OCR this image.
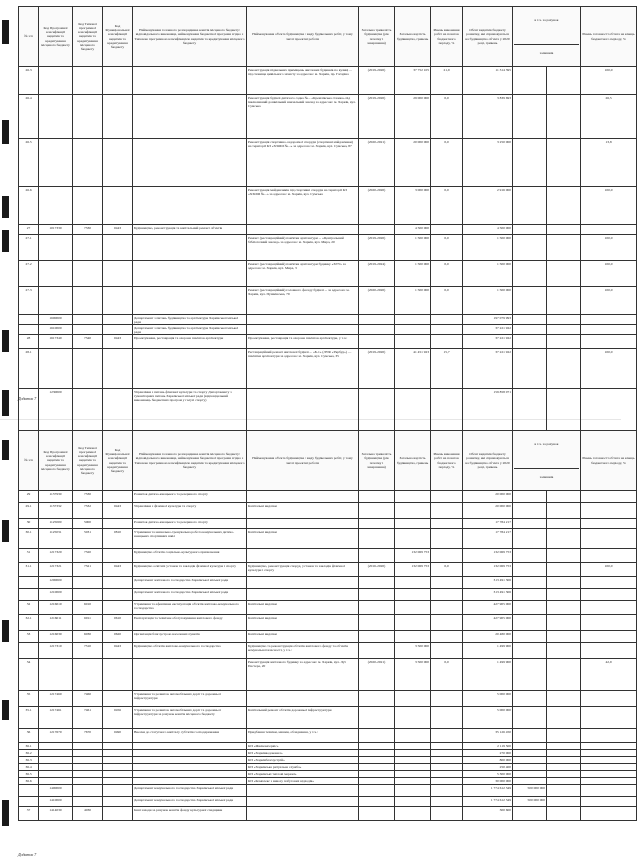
№ з/п	Код Програмної класифікації видатків та кредитування місцевого бюджету	Код Типової програмної класифікації видатків та кредитування місцевого бюджету	Код Функціональної класифікації видатків та кредитування бюджету	Найменування головного розпорядника коштів місцевого бюджету/ відповідального виконавця, найменування бюджетної програми згідно з Типовою програмною класифікацією видатків та кредитування місцевого бюджету	Найменування об'єкта будівництва / виду будівельних робіт, у тому числі проектні роботи	Загальна тривалість будівництва (рік початку і завершення)	Загальна вартість будівництва, гривень	Рівень виконання робіт на початок бюджетного періоду, %	Обсяг видатків бюджету розвитку, які спрямовуються на будівництво об'єкта у 2020 році, гривень	в т.ч. за рахунок
залишків		Рівень готовності об'єкта на кінець бюджетного періоду, %
26.3					Реконструкція підвальних приміщень житлових будинків по вулиці ... під сховище цивільного захисту за адресою: м. Харків, пр. Гагаріна	(2019-2020)	37 752 105	21,9	11 314 395			100,0
26.4					Реконструкція будівлі дитячого садка №... «Кремлівська стежка» під інклюзивний дошкільний навчальний заклад за адресою: м. Харків, вул. Сумська	(2019-2020)	29 000 000	0,0	3 839 693			26,5
26.5					Реконструкція спортивно-оздоровчої споруди (спортивні майданчики) на території КЗ «ХЗОШ №...» за адресою: м. Харків, вул. Сумська, 87	(2020-2021)	20 000 000	0,0	3 250 000			13,8
26.6					Реконструкція майданчиків під спортивні споруди на території КЗ «ХЗОШ №...» за адресою: м. Харків, вул. Сумська	(2020-2020)	3 000 000	0,0	2 916 000			100,0
27	1017330	7330	0443	Будівництво, реконструкція та капітальний ремонт об'єктів			4 500 000		4 500 000			
27.1					Ремонт (реставраційний) пам'ятки архітектури ... «Центральний бібліотечний заклад» за адресою: м. Харків, вул. Мира, 20	(2019-2020)	1 500 000	0,0	1 500 000			100,0
27.2					Ремонт (реставраційний) пам'ятки архітектури будинку «ХТУ» за адресою: м. Харків, вул. Мира, 3	(2019-2024)	1 500 000	0,0	1 500 000			100,0
27.3					Ремонт (реставраційний) головного фасаду будівлі ... за адресою: м. Харків, вул. Пушкінська, 79	(2020-2020)	1 500 000	0,0	1 500 000			100,0
	1600000			Департамент з питань будівництва та архітектури Харківської міської ради					197 079 993			
	1610000			Департамент з питань будівництва та архітектури Харківської міської ради					37 221 922			
28	1617340	7340	0443	Проектування, реставрація та охорона пам'яток архітектури	Проектування, реставрація та охорона пам'яток архітектури, у т.ч.:				37 221 922			
28.1					Реставраційний ремонт житлової будівлі ... «Б-1» (ЛУФ «Укрбуд») — пам'ятки архітектури за адресою: м. Харків, вул. Сумська, 35	(2019-2020)	41 451 923	15,7	37 221 922			100,0
	1230000			Управління з питань фізичної культури та спорту Департаменту з гуманітарних питань Харківської міської ради (відповідальний виконавець бюджетних програм у галузі спорту)					159 858 071			
Додаток 7
№ з/п	Код Програмної класифікації видатків та кредитування місцевого бюджету	Код Типової програмної класифікації видатків та кредитування місцевого бюджету	Код Функціональної класифікації видатків та кредитування бюджету	Найменування головного розпорядника коштів місцевого бюджету/ відповідального виконавця, найменування бюджетної програми згідно з Типовою програмною класифікацією видатків та кредитування місцевого бюджету	Найменування об'єкта будівництва / виду будівельних робіт, у тому числі проектні роботи	Загальна тривалість будівництва (рік початку і завершення)	Загальна вартість будівництва, гривень	Рівень виконання робіт на початок бюджетного періоду, %	Обсяг видатків бюджету розвитку, які спрямовуються на будівництво об'єкта у 2020 році, гривень	в т.ч. за рахунок
залишків		Рівень готовності об'єкта на кінець бюджетного періоду, %
29	1137930	7330		Розвиток дитячо-юнацького та резервного спорту					20 000 000			
29.1	1137332	7332	0443	Управління з фізичної культури та спорту	Капітальні видатки				20 000 000			
30	1125000	5000		Розвиток дитячо-юнацького та резервного спорту					17 784 217			
30.1	1125031	5031	0810	Утримання та навчально-тренувальна робота комунальних дитячо-юнацьких спортивних шкіл	Капітальні видатки				17 784 217			
31	1217320	7320		Будівництво об'єктів соціально-культурного призначення			132 069 753		132 069 753			
31.1	1217321	7321	0443	Будівництво освітніх установ та закладів фізичної культури і спорту	Будівництво, реконструкція споруд, установ та закладів фізичної культури і спорту	(2016-2020)	132 069 753	0,0	132 069 753			100,0
	1200000			Департамент житлового господарства Харківської міської ради					313 491 306			
	1210000			Департамент житлового господарства Харківської міської ради					313 491 306			
32	1216010	6010		Утримання та ефективна експлуатація об'єктів житлово-комунального господарства	Капітальні видатки				427 905 000			
32.1	1216011	6011	0610	Експлуатація та технічне обслуговування житлового фонду	Капітальні видатки				427 905 000			
33	1216030	6030	0620	Організація благоустрою населених пунктів	Капітальні видатки				20 480 000			
	1217310	7310	0443	Будівництво об'єктів житлово-комунального господарства	Будівництво та реконструкція об'єктів житлового фонду та об'єктів комунальної власності, у т.ч.:		3 500 000		1 499 900			
34					Реконструкція житлового будинку за адресою: м. Харків, вул. Луї Пастера, 20	(2020-2021)	3 500 000	0,0	1 499 900			42,9
35	1217460	7460		Утримання та розвиток автомобільних доріг та дорожньої інфраструктури					5 000 000			
35.1	1217461	7461	0456	Утримання та розвиток автомобільних доріг та дорожньої інфраструктури за рахунок коштів місцевого бюджету	Капітальний ремонт об'єктів дорожньої інфраструктури				5 000 000			
36	1217670	7670	0490	Внески до статутного капіталу суб'єктів господарювання	Придбання техніки, машин, обладнання, у т.ч.:				35 126 450			
36.1					КП «Жилкомсервіс»				2 119 500			
36.2					КП «Харківводоканал»				270 000			
36.3					КП «Харківблагоустрій»				800 000			
36.4					КП «Харківська ритуальна служба»				250 400			
36.5					КП «Харківські теплові мережі»				5 300 000			
36.6					КП «Комплекс з вивозу побутових відходів»				30 000 000			
	1400000			Департамент комунального господарства Харківської міської ради					1 774 612 349	500 000 000		
	1410000			Департамент комунального господарства Харківської міської ради					1 774 612 349	500 000 000		
37	1414030	4030		Інші заходи за рахунок коштів фонду культурної спадщини					300 600			
Додаток 7
